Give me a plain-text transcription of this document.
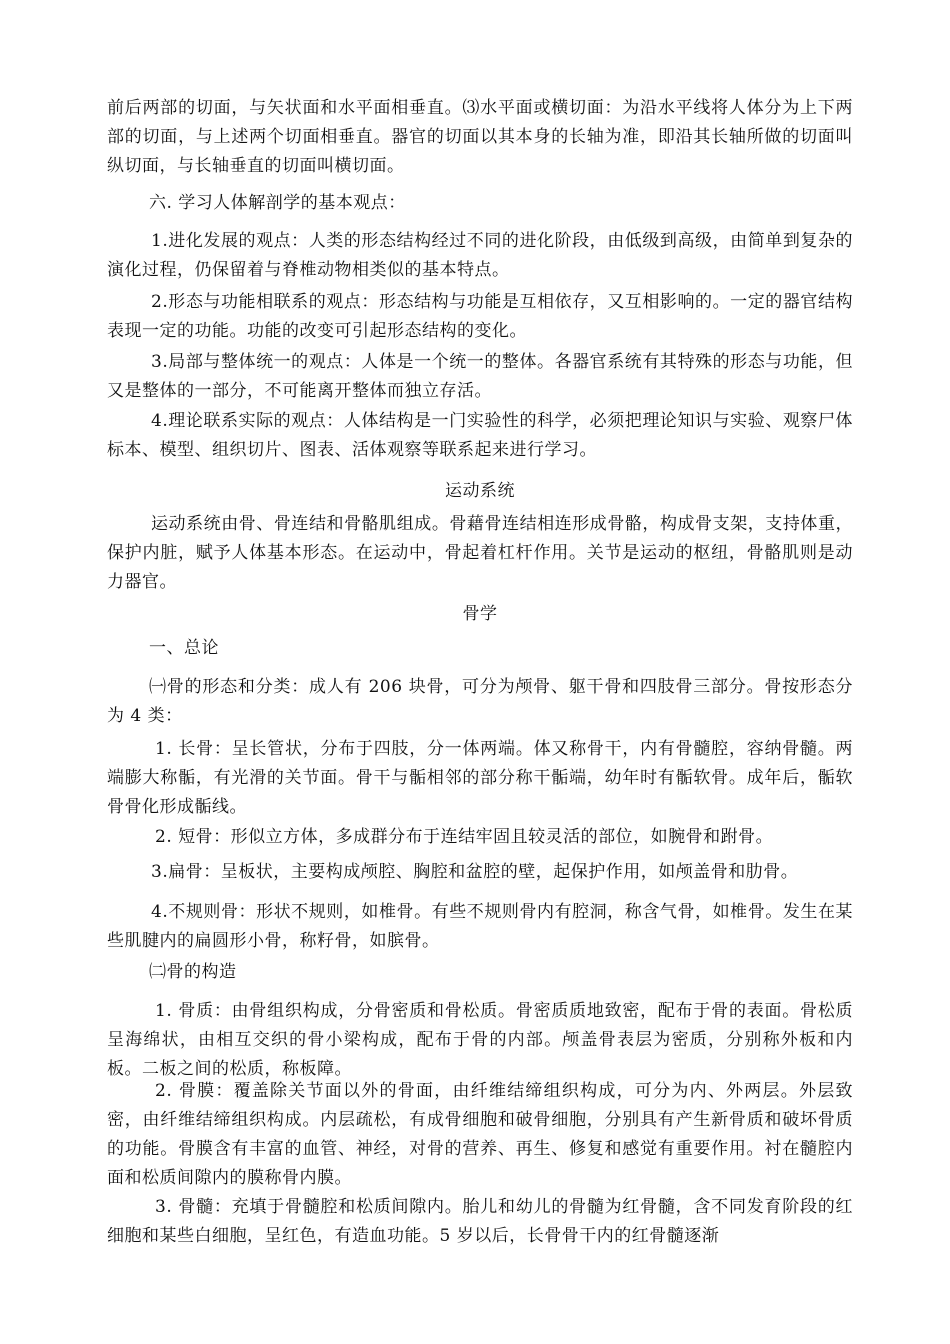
前后两部的切面，与矢状面和水平面相垂直。⑶水平面或横切面：为沿水平线将人体分为上下两部的切面，与上述两个切面相垂直。器官的切面以其本身的长轴为准，即沿其长轴所做的切面叫纵切面，与长轴垂直的切面叫横切面。
六. 学习人体解剖学的基本观点：
1.进化发展的观点：人类的形态结构经过不同的进化阶段，由低级到高级，由简单到复杂的演化过程，仍保留着与脊椎动物相类似的基本特点。
2.形态与功能相联系的观点：形态结构与功能是互相依存，又互相影响的。一定的器官结构表现一定的功能。功能的改变可引起形态结构的变化。
3.局部与整体统一的观点：人体是一个统一的整体。各器官系统有其特殊的形态与功能，但又是整体的一部分，不可能离开整体而独立存活。
4.理论联系实际的观点：人体结构是一门实验性的科学，必须把理论知识与实验、观察尸体标本、模型、组织切片、图表、活体观察等联系起来进行学习。
运动系统
运动系统由骨、骨连结和骨骼肌组成。骨藉骨连结相连形成骨骼，构成骨支架，支持体重，保护内脏，赋予人体基本形态。在运动中，骨起着杠杆作用。关节是运动的枢纽，骨骼肌则是动力器官。
骨学
一、总论
㈠骨的形态和分类：成人有 206 块骨，可分为颅骨、躯干骨和四肢骨三部分。骨按形态分为 4 类：
1. 长骨：呈长管状，分布于四肢，分一体两端。体又称骨干，内有骨髓腔，容纳骨髓。两端膨大称骺，有光滑的关节面。骨干与骺相邻的部分称干骺端，幼年时有骺软骨。成年后，骺软骨骨化形成骺线。
2. 短骨：形似立方体，多成群分布于连结牢固且较灵活的部位，如腕骨和跗骨。
3.扁骨：呈板状，主要构成颅腔、胸腔和盆腔的壁，起保护作用，如颅盖骨和肋骨。
4.不规则骨：形状不规则，如椎骨。有些不规则骨内有腔洞，称含气骨，如椎骨。发生在某些肌腱内的扁圆形小骨，称籽骨，如膑骨。
㈡骨的构造
1. 骨质：由骨组织构成，分骨密质和骨松质。骨密质质地致密，配布于骨的表面。骨松质呈海绵状，由相互交织的骨小梁构成，配布于骨的内部。颅盖骨表层为密质，分别称外板和内板。二板之间的松质，称板障。
2. 骨膜：覆盖除关节面以外的骨面，由纤维结缔组织构成，可分为内、外两层。外层致密，由纤维结缔组织构成。内层疏松，有成骨细胞和破骨细胞，分别具有产生新骨质和破坏骨质的功能。骨膜含有丰富的血管、神经，对骨的营养、再生、修复和感觉有重要作用。衬在髓腔内面和松质间隙内的膜称骨内膜。
3. 骨髓：充填于骨髓腔和松质间隙内。胎儿和幼儿的骨髓为红骨髓，含不同发育阶段的红细胞和某些白细胞，呈红色，有造血功能。5 岁以后，长骨骨干内的红骨髓逐渐
